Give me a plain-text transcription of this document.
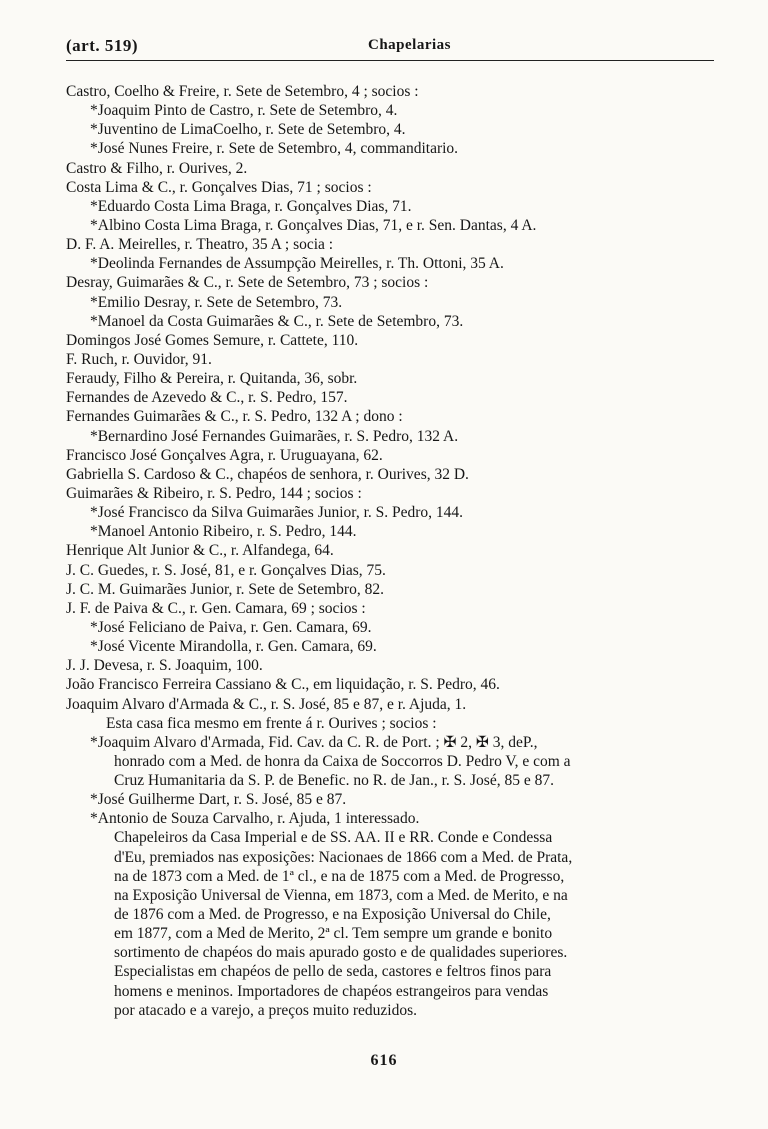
(art. 519)	Chapelarias
Castro, Coelho & Freire, r. Sete de Setembro, 4 ; socios :
*Joaquim Pinto de Castro, r. Sete de Setembro, 4.
*Juventino de LimaCoelho, r. Sete de Setembro, 4.
*José Nunes Freire, r. Sete de Setembro, 4, commanditario.
Castro & Filho, r. Ourives, 2.
Costa Lima & C., r. Gonçalves Dias, 71 ; socios :
*Eduardo Costa Lima Braga, r. Gonçalves Dias, 71.
*Albino Costa Lima Braga, r. Gonçalves Dias, 71, e r. Sen. Dantas, 4 A.
D. F. A. Meirelles, r. Theatro, 35 A ; socia :
*Deolinda Fernandes de Assumpção Meirelles, r. Th. Ottoni, 35 A.
Desray, Guimarães & C., r. Sete de Setembro, 73 ; socios :
*Emilio Desray, r. Sete de Setembro, 73.
*Manoel da Costa Guimarães & C., r. Sete de Setembro, 73.
Domingos José Gomes Semure, r. Cattete, 110.
F. Ruch, r. Ouvidor, 91.
Feraudy, Filho & Pereira, r. Quitanda, 36, sobr.
Fernandes de Azevedo & C., r. S. Pedro, 157.
Fernandes Guimarães & C., r. S. Pedro, 132 A ; dono :
*Bernardino José Fernandes Guimarães, r. S. Pedro, 132 A.
Francisco José Gonçalves Agra, r. Uruguayana, 62.
Gabriella S. Cardoso & C., chapéos de senhora, r. Ourives, 32 D.
Guimarães & Ribeiro, r. S. Pedro, 144 ; socios :
*José Francisco da Silva Guimarães Junior, r. S. Pedro, 144.
*Manoel Antonio Ribeiro, r. S. Pedro, 144.
Henrique Alt Junior & C., r. Alfandega, 64.
J. C. Guedes, r. S. José, 81, e r. Gonçalves Dias, 75.
J. C. M. Guimarães Junior, r. Sete de Setembro, 82.
J. F. de Paiva & C., r. Gen. Camara, 69 ; socios :
*José Feliciano de Paiva, r. Gen. Camara, 69.
*José Vicente Mirandolla, r. Gen. Camara, 69.
J. J. Devesa, r. S. Joaquim, 100.
João Francisco Ferreira Cassiano & C., em liquidação, r. S. Pedro, 46.
Joaquim Alvaro d'Armada & C., r. S. José, 85 e 87, e r. Ajuda, 1.
Esta casa fica mesmo em frente á r. Ourives ; socios :
*Joaquim Alvaro d'Armada, Fid. Cav. da C. R. de Port. ; ✠ 2, ✠ 3, deP.,
honrado com a Med. de honra da Caixa de Soccorros D. Pedro V, e com a
Cruz Humanitaria da S. P. de Benefic. no R. de Jan., r. S. José, 85 e 87.
*José Guilherme Dart, r. S. José, 85 e 87.
*Antonio de Souza Carvalho, r. Ajuda, 1 interessado.
Chapeleiros da Casa Imperial e de SS. AA. II e RR. Conde e Condessa
d'Eu, premiados nas exposições: Nacionaes de 1866 com a Med. de Prata,
na de 1873 com a Med. de 1ª cl., e na de 1875 com a Med. de Progresso,
na Exposição Universal de Vienna, em 1873, com a Med. de Merito, e na
de 1876 com a Med. de Progresso, e na Exposição Universal do Chile,
em 1877, com a Med de Merito, 2ª cl. Tem sempre um grande e bonito
sortimento de chapéos do mais apurado gosto e de qualidades superiores.
Especialistas em chapéos de pello de seda, castores e feltros finos para
homens e meninos. Importadores de chapéos estrangeiros para vendas
por atacado e a varejo, a preços muito reduzidos.
616
